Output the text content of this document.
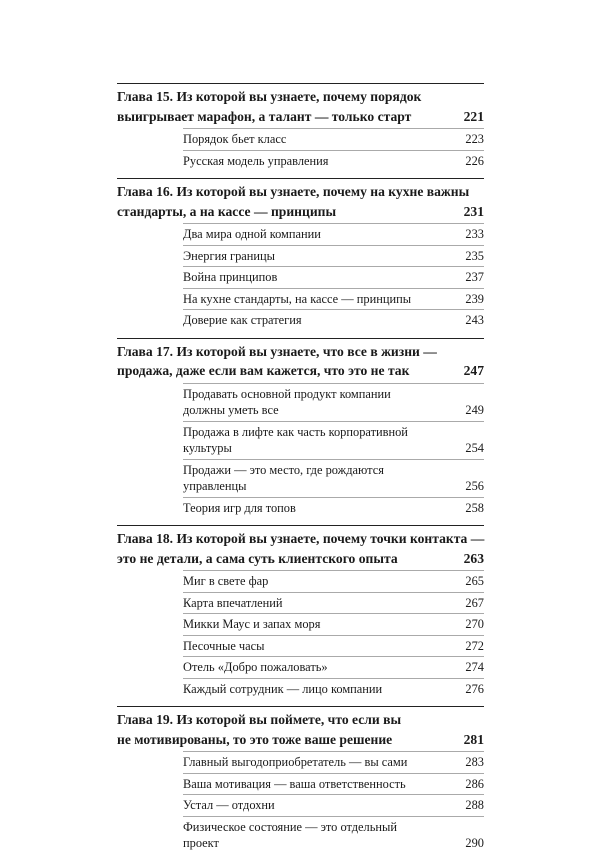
Глава 15. Из которой вы узнаете, почему порядок
выигрывает марафон, а талант — только старт	221
Порядок бьет класс	223
Русская модель управления	226
Глава 16. Из которой вы узнаете, почему на кухне важны
стандарты, а на кассе — принципы	231
Два мира одной компании	233
Энергия границы	235
Война принципов	237
На кухне стандарты, на кассе — принципы	239
Доверие как стратегия	243
Глава 17. Из которой вы узнаете, что все в жизни —
продажа, даже если вам кажется, что это не так	247
Продавать основной продукт компании должны уметь все	249
Продажа в лифте как часть корпоративной культуры	254
Продажи — это место, где рождаются управленцы	256
Теория игр для топов	258
Глава 18. Из которой вы узнаете, почему точки контакта —
это не детали, а сама суть клиентского опыта	263
Миг в свете фар	265
Карта впечатлений	267
Микки Маус и запах моря	270
Песочные часы	272
Отель «Добро пожаловать»	274
Каждый сотрудник — лицо компании	276
Глава 19. Из которой вы поймете, что если вы
не мотивированы, то это тоже ваше решение	281
Главный выгодоприобретатель — вы сами	283
Ваша мотивация — ваша ответственность	286
Устал — отдохни	288
Физическое состояние — это отдельный проект	290
